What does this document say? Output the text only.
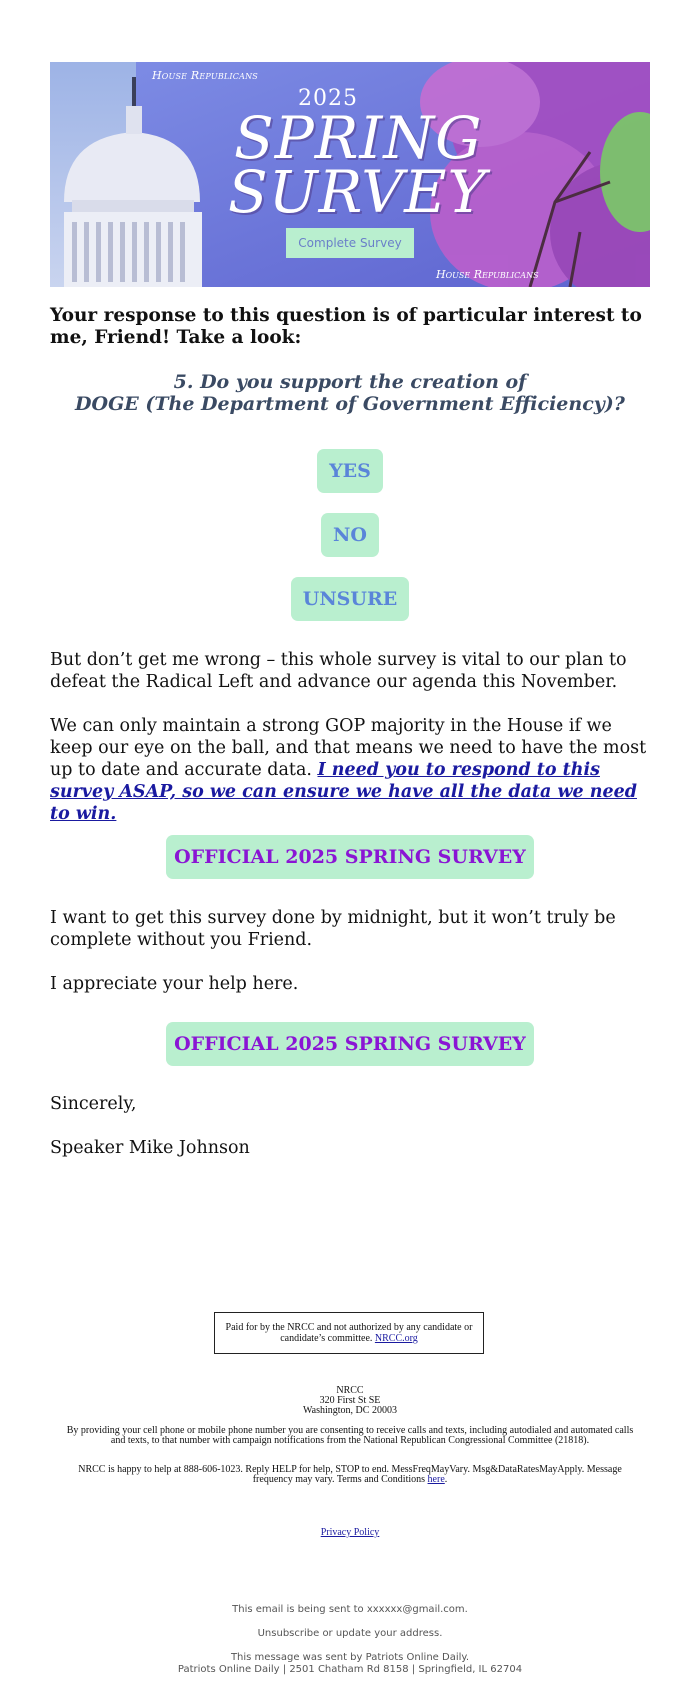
House Republicans
2025
SPRING
SURVEY
Complete Survey
House Republicans

Your response to this question is of particular interest to me, Friend! Take a look:

5. Do you support the creation of
DOGE (The Department of Government Efficiency)?
YES
NO
UNSURE

But don’t get me wrong – this whole survey is vital to our plan to defeat the Radical Left and advance our agenda this November.

We can only maintain a strong GOP majority in the House if we keep our eye on the ball, and that means we need to have the most up to date and accurate data. I need you to respond to this survey ASAP, so we can ensure we have all the data we need to win.

OFFICIAL 2025 SPRING SURVEY

I want to get this survey done by midnight, but it won’t truly be complete without you Friend.

I appreciate your help here.

OFFICIAL 2025 SPRING SURVEY

Sincerely,

Speaker Mike Johnson

Paid for by the NRCC and not authorized by any candidate or candidate’s committee. NRCC.org
NRCC
320 First St SE
Washington, DC 20003
By providing your cell phone or mobile phone number you are consenting to receive calls and texts, including autodialed and automated calls and texts, to that number with campaign notifications from the National Republican Congressional Committee (21818).
NRCC is happy to help at 888-606-1023. Reply HELP for help, STOP to end. MessFreqMayVary. Msg&DataRatesMayApply. Message frequency may vary. Terms and Conditions here.
Privacy Policy
This email is being sent to xxxxxx@gmail.com.
Unsubscribe or update your address.
This message was sent by Patriots Online Daily.
Patriots Online Daily | 2501 Chatham Rd 8158 | Springfield, IL 62704
